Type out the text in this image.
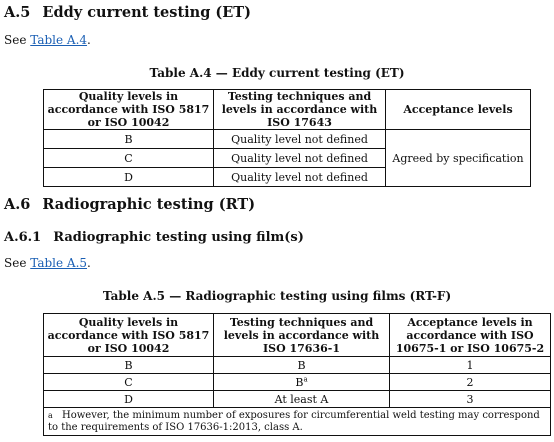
A.5 Eddy current testing (ET)
See Table A.4.
Table A.4 — Eddy current testing (ET)
Quality levels in accordance with ISO 5817 or ISO 10042	Testing techniques and levels in accordance with ISO 17643	Acceptance levels
B	Quality level not defined	Agreed by specification
C	Quality level not defined	
D	Quality level not defined	
A.6 Radiographic testing (RT)
A.6.1 Radiographic testing using film(s)
See Table A.5.
Table A.5 — Radiographic testing using films (RT-F)
Quality levels in accordance with ISO 5817 or ISO 10042	Testing techniques and levels in accordance with ISO 17636-1	Acceptance levels in accordance with ISO 10675-1 or ISO 10675-2
B	B	1
C	$B^a$	2
D	At least A	3
a However, the minimum number of exposures for circumferential weld testing may correspond to the requirements of ISO 17636-1:2013, class A.		
